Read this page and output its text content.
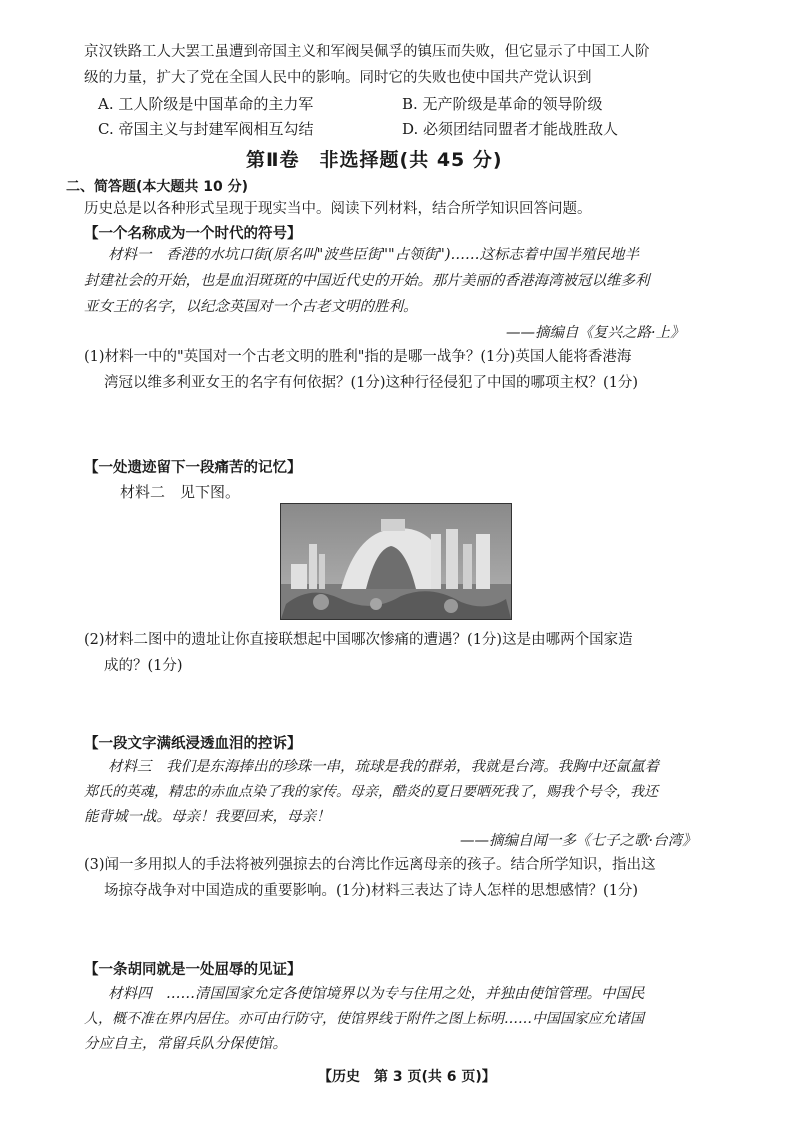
京汉铁路工人大罢工虽遭到帝国主义和军阀吴佩孚的镇压而失败，但它显示了中国工人阶
级的力量，扩大了党在全国人民中的影响。同时它的失败也使中国共产党认识到
A. 工人阶级是中国革命的主力军	B. 无产阶级是革命的领导阶级
C. 帝国主义与封建军阀相互勾结	D. 必须团结同盟者才能战胜敌人
第Ⅱ卷　非选择题(共 45 分)
二、简答题(本大题共 10 分)
历史总是以各种形式呈现于现实当中。阅读下列材料，结合所学知识回答问题。
【一个名称成为一个时代的符号】
材料一　香港的水坑口街(原名叫"波些臣街""占领街")……这标志着中国半殖民地半
封建社会的开始，也是血泪斑斑的中国近代史的开始。那片美丽的香港海湾被冠以维多利
亚女王的名字，以纪念英国对一个古老文明的胜利。
——摘编自《复兴之路·上》
(1)材料一中的"英国对一个古老文明的胜利"指的是哪一战争？(1分)英国人能将香港海
湾冠以维多利亚女王的名字有何依据？(1分)这种行径侵犯了中国的哪项主权？(1分)
【一处遗迹留下一段痛苦的记忆】
材料二　见下图。
(2)材料二图中的遗址让你直接联想起中国哪次惨痛的遭遇？(1分)这是由哪两个国家造
成的？(1分)
【一段文字满纸浸透血泪的控诉】
材料三　我们是东海捧出的珍珠一串，琉球是我的群弟，我就是台湾。我胸中还氤氲着
郑氏的英魂，精忠的赤血点染了我的家传。母亲，酷炎的夏日要晒死我了，赐我个号令，我还
能背城一战。母亲！我要回来，母亲！
——摘编自闻一多《七子之歌·台湾》
(3)闻一多用拟人的手法将被列强掠去的台湾比作远离母亲的孩子。结合所学知识，指出这
场掠夺战争对中国造成的重要影响。(1分)材料三表达了诗人怎样的思想感情？(1分)
【一条胡同就是一处屈辱的见证】
材料四　……清国国家允定各使馆境界以为专与住用之处，并独由使馆管理。中国民
人，概不准在界内居住。亦可由行防守，使馆界线于附件之图上标明……中国国家应允诸国
分应自主，常留兵队分保使馆。
【历史　第 3 页(共 6 页)】
